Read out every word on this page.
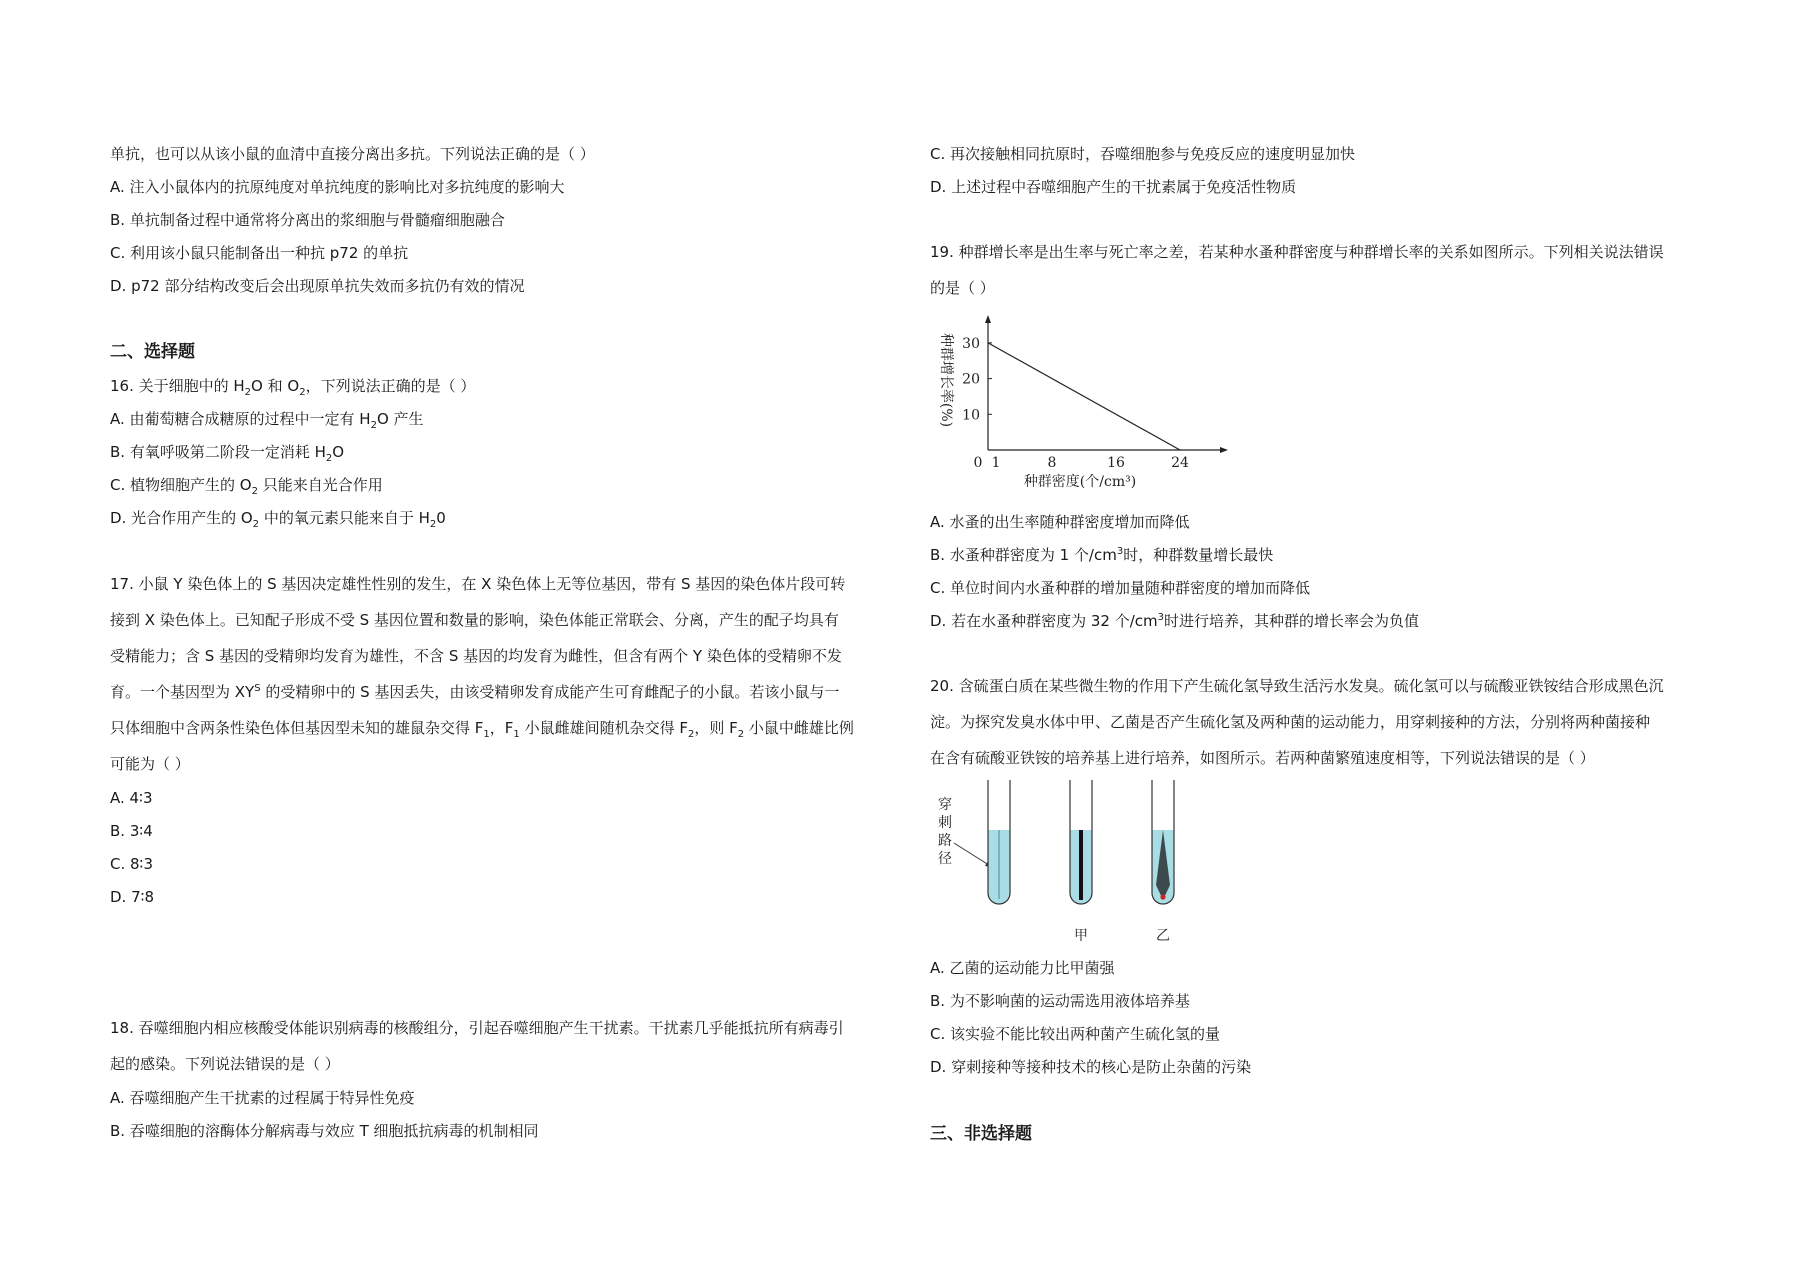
单抗，也可以从该小鼠的血清中直接分离出多抗。下列说法正确的是（ ）
A. 注入小鼠体内的抗原纯度对单抗纯度的影响比对多抗纯度的影响大
B. 单抗制备过程中通常将分离出的浆细胞与骨髓瘤细胞融合
C. 利用该小鼠只能制备出一种抗 p72 的单抗
D. p72 部分结构改变后会出现原单抗失效而多抗仍有效的情况
二、选择题
16. 关于细胞中的 $H_2O$ 和 $O_2$，下列说法正确的是（ ）
A. 由葡萄糖合成糖原的过程中一定有 $H_2O$ 产生
B. 有氧呼吸第二阶段一定消耗 $H_2O$
C. 植物细胞产生的 $O_2$ 只能来自光合作用
D. 光合作用产生的 $O_2$ 中的氧元素只能来自于 $H_20$
17. 小鼠 Y 染色体上的 S 基因决定雄性性别的发生，在 X 染色体上无等位基因，带有 S 基因的染色体片段可转
接到 X 染色体上。已知配子形成不受 S 基因位置和数量的影响，染色体能正常联会、分离，产生的配子均具有
受精能力；含 S 基因的受精卵均发育为雄性，不含 S 基因的均发育为雌性，但含有两个 Y 染色体的受精卵不发
育。一个基因型为 $XY^S$ 的受精卵中的 S 基因丢失，由该受精卵发育成能产生可育雌配子的小鼠。若该小鼠与一
只体细胞中含两条性染色体但基因型未知的雄鼠杂交得 $F_1$，$F_1$ 小鼠雌雄间随机杂交得 $F_2$，则 $F_2$ 小鼠中雌雄比例
可能为（ ）
A. 4∶3
B. 3∶4
C. 8∶3
D. 7∶8
18. 吞噬细胞内相应核酸受体能识别病毒的核酸组分，引起吞噬细胞产生干扰素。干扰素几乎能抵抗所有病毒引
起的感染。下列说法错误的是（ ）
A. 吞噬细胞产生干扰素的过程属于特异性免疫
B. 吞噬细胞的溶酶体分解病毒与效应 T 细胞抵抗病毒的机制相同
C. 再次接触相同抗原时，吞噬细胞参与免疫反应的速度明显加快
D. 上述过程中吞噬细胞产生的干扰素属于免疫活性物质
19. 种群增长率是出生率与死亡率之差，若某种水蚤种群密度与种群增长率的关系如图所示。下列相关说法错误
的是（ ）
0 1	8	16	24
10
20
30
种群密度(个/cm³)
种群增长率(%)
A. 水蚤的出生率随种群密度增加而降低
B. 水蚤种群密度为 1 个$/cm^3$时，种群数量增长最快
C. 单位时间内水蚤种群的增加量随种群密度的增加而降低
D. 若在水蚤种群密度为 32 个$/cm^3$时进行培养，其种群的增长率会为负值
20. 含硫蛋白质在某些微生物的作用下产生硫化氢导致生活污水发臭。硫化氢可以与硫酸亚铁铵结合形成黑色沉
淀。为探究发臭水体中甲、乙菌是否产生硫化氢及两种菌的运动能力，用穿刺接种的方法，分别将两种菌接种
在含有硫酸亚铁铵的培养基上进行培养，如图所示。若两种菌繁殖速度相等，下列说法错误的是（ ）
穿
刺
路
径
甲	乙
A. 乙菌的运动能力比甲菌强
B. 为不影响菌的运动需选用液体培养基
C. 该实验不能比较出两种菌产生硫化氢的量
D. 穿刺接种等接种技术的核心是防止杂菌的污染
三、非选择题
